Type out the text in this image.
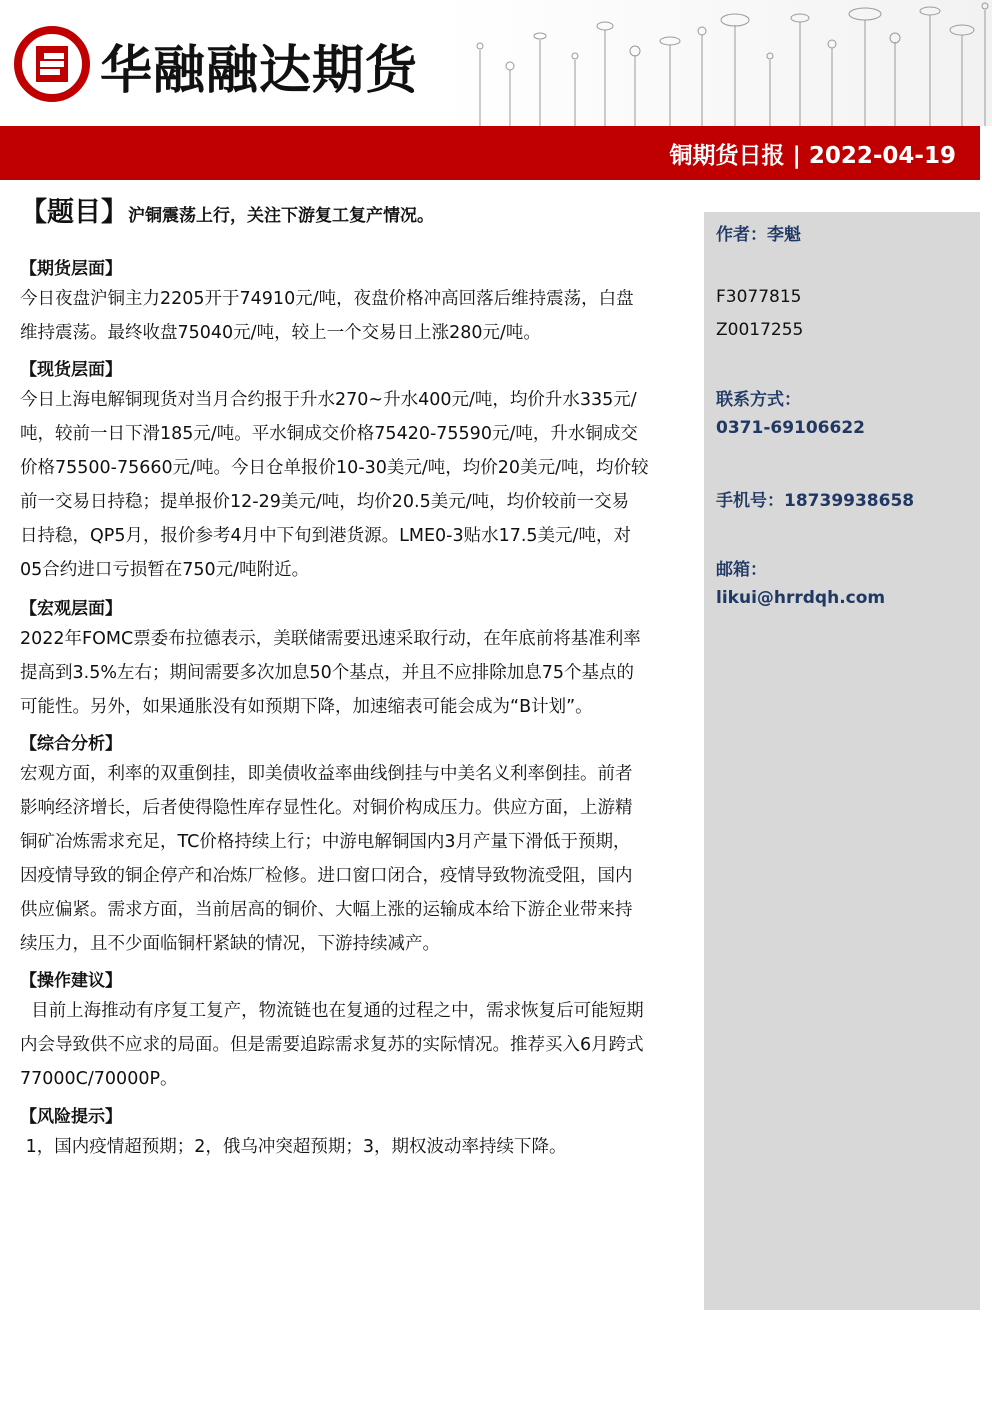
华融融达期货
铜期货日报 | 2022-04-19
【题目】沪铜震荡上行，关注下游复工复产情况。
【期货层面】
今日夜盘沪铜主力2205开于74910元/吨，夜盘价格冲高回落后维持震荡，白盘
维持震荡。最终收盘75040元/吨，较上一个交易日上涨280元/吨。
【现货层面】
今日上海电解铜现货对当月合约报于升水270~升水400元/吨，均价升水335元/
吨，较前一日下滑185元/吨。平水铜成交价格75420-75590元/吨，升水铜成交
价格75500-75660元/吨。今日仓单报价10-30美元/吨，均价20美元/吨，均价较
前一交易日持稳；提单报价12-29美元/吨，均价20.5美元/吨，均价较前一交易
日持稳，QP5月，报价参考4月中下旬到港货源。LME0-3贴水17.5美元/吨，对
05合约进口亏损暂在750元/吨附近。
【宏观层面】
2022年FOMC票委布拉德表示，美联储需要迅速采取行动，在年底前将基准利率
提高到3.5%左右；期间需要多次加息50个基点，并且不应排除加息75个基点的
可能性。另外，如果通胀没有如预期下降，加速缩表可能会成为“B计划”。
【综合分析】
宏观方面，利率的双重倒挂，即美债收益率曲线倒挂与中美名义利率倒挂。前者
影响经济增长，后者使得隐性库存显性化。对铜价构成压力。供应方面，上游精
铜矿冶炼需求充足，TC价格持续上行；中游电解铜国内3月产量下滑低于预期，
因疫情导致的铜企停产和冶炼厂检修。进口窗口闭合，疫情导致物流受阻，国内
供应偏紧。需求方面，当前居高的铜价、大幅上涨的运输成本给下游企业带来持
续压力，且不少面临铜杆紧缺的情况，下游持续减产。
【操作建议】
目前上海推动有序复工复产，物流链也在复通的过程之中，需求恢复后可能短期
内会导致供不应求的局面。但是需要追踪需求复苏的实际情况。推荐买入6月跨式
77000C/70000P。
【风险提示】
1，国内疫情超预期；2，俄乌冲突超预期；3，期权波动率持续下降。
作者：李魁
F3077815
Z0017255
联系方式：
0371-69106622
手机号：18739938658
邮箱：
likui@hrrdqh.com
